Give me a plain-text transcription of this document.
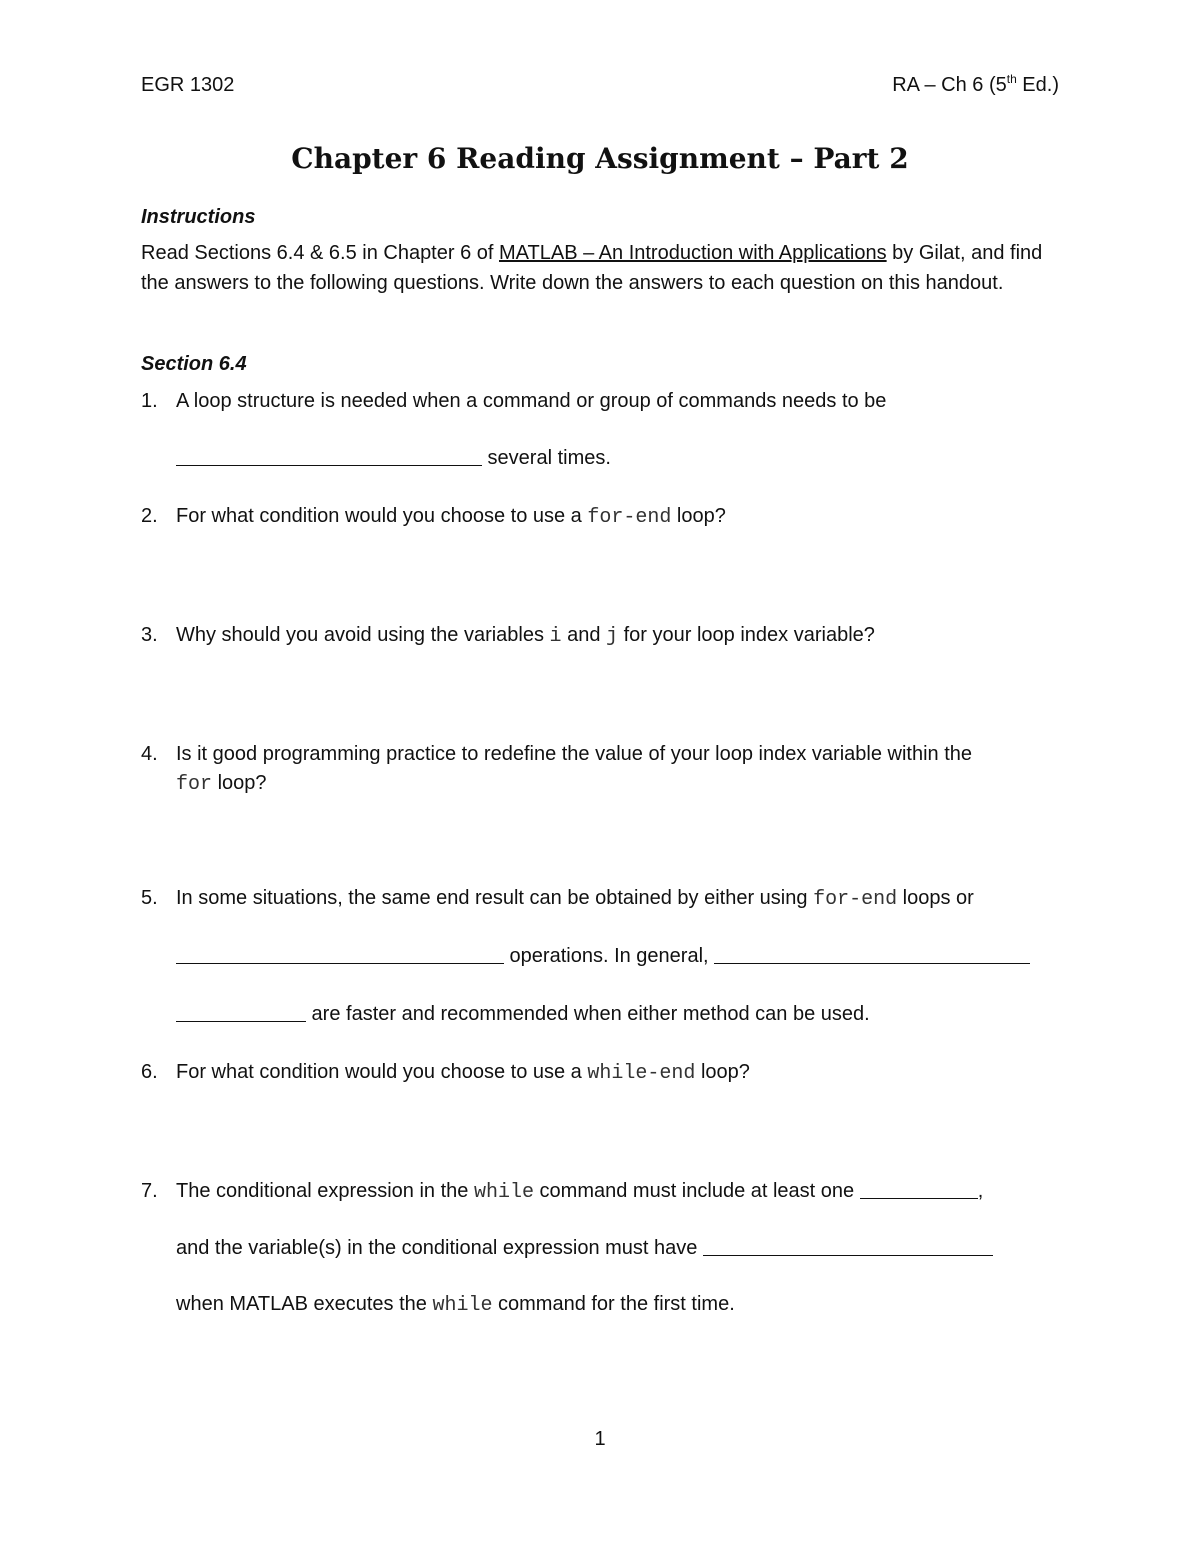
EGR 1302	RA – Ch 6 (5th Ed.)
Chapter 6 Reading Assignment – Part 2
Instructions
Read Sections 6.4 & 6.5 in Chapter 6 of MATLAB – An Introduction with Applications by Gilat, and find the answers to the following questions. Write down the answers to each question on this handout.
Section 6.4
1. A loop structure is needed when a command or group of commands needs to be
several times.
2. For what condition would you choose to use a for-end loop?
3. Why should you avoid using the variables i and j for your loop index variable?
4. Is it good programming practice to redefine the value of your loop index variable within the
for loop?
5. In some situations, the same end result can be obtained by either using for-end loops or
operations. In general,
are faster and recommended when either method can be used.
6. For what condition would you choose to use a while-end loop?
7. The conditional expression in the while command must include at least one	,
and the variable(s) in the conditional expression must have
when MATLAB executes the while command for the first time.
1
